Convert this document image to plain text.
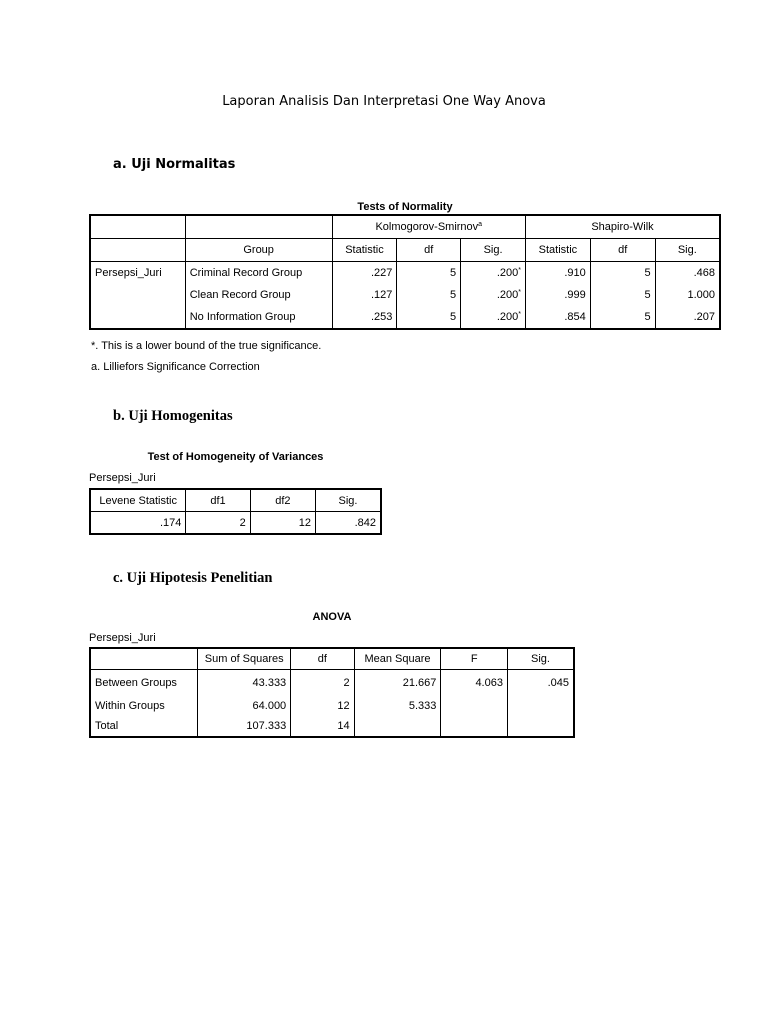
Laporan Analisis Dan Interpretasi One Way Anova
a. Uji Normalitas
Tests of Normality
		Kolmogorov-Smirnov$^a$			Shapiro-Wilk		
	Group	Statistic	df	Sig.	Statistic	df	Sig.
Persepsi_Juri	Criminal Record Group	.227	5	.200*	.910	5	.468
	Clean Record Group	.127	5	.200*	.999	5	1.000
	No Information Group	.253	5	.200*	.854	5	.207
*. This is a lower bound of the true significance.
a. Lilliefors Significance Correction
b. Uji Homogenitas
Test of Homogeneity of Variances
Persepsi_Juri
Levene Statistic	df1	df2	Sig.
.174	2	12	.842
c. Uji Hipotesis Penelitian
ANOVA
Persepsi_Juri
	Sum of Squares	df	Mean Square	F	Sig.
Between Groups	43.333	2	21.667	4.063	.045
Within Groups	64.000	12	5.333		
Total	107.333	14			
